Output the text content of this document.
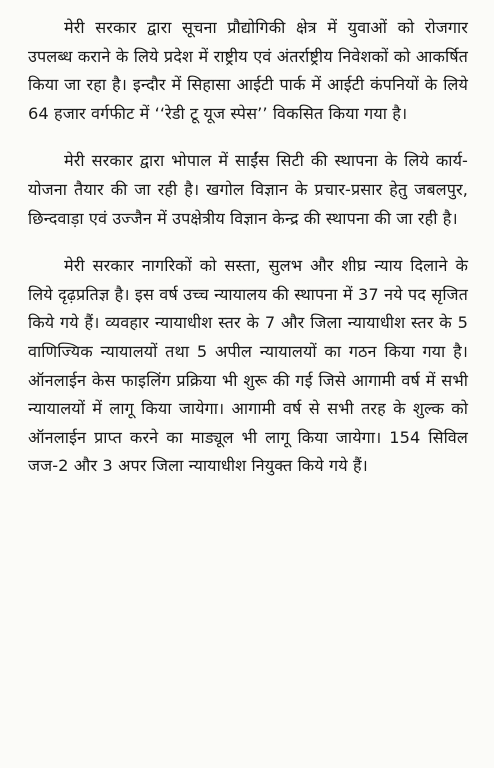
मेरी सरकार द्वारा सूचना प्रौद्योगिकी क्षेत्र में युवाओं को रोजगार उपलब्ध कराने के लिये प्रदेश में राष्ट्रीय एवं अंतर्राष्ट्रीय निवेशकों को आकर्षित किया जा रहा है। इन्दौर में सिहासा आईटी पार्क में आईटी कंपनियों के लिये 64 हजार वर्गफीट में ‘‘रेडी टू यूज स्पेस’’ विकसित किया गया है।

मेरी सरकार द्वारा भोपाल में साईंस सिटी की स्थापना के लिये कार्य-योजना तैयार की जा रही है। खगोल विज्ञान के प्रचार-प्रसार हेतु जबलपुर, छिन्दवाड़ा एवं उज्जैन में उपक्षेत्रीय विज्ञान केन्द्र की स्थापना की जा रही है।

मेरी सरकार नागरिकों को सस्ता, सुलभ और शीघ्र न्याय दिलाने के लिये दृढ़प्रतिज्ञ है। इस वर्ष उच्च न्यायालय की स्थापना में 37 नये पद सृजित किये गये हैं। व्यवहार न्यायाधीश स्तर के 7 और जिला न्यायाधीश स्तर के 5 वाणिज्यिक न्यायालयों तथा 5 अपील न्यायालयों का गठन किया गया है। ऑनलाईन केस फाइलिंग प्रक्रिया भी शुरू की गई जिसे आगामी वर्ष में सभी न्यायालयों में लागू किया जायेगा। आगामी वर्ष से सभी तरह के शुल्क को ऑनलाईन प्राप्त करने का माड्यूल भी लागू किया जायेगा। 154 सिविल जज-2 और 3 अपर जिला न्यायाधीश नियुक्त किये गये हैं।
